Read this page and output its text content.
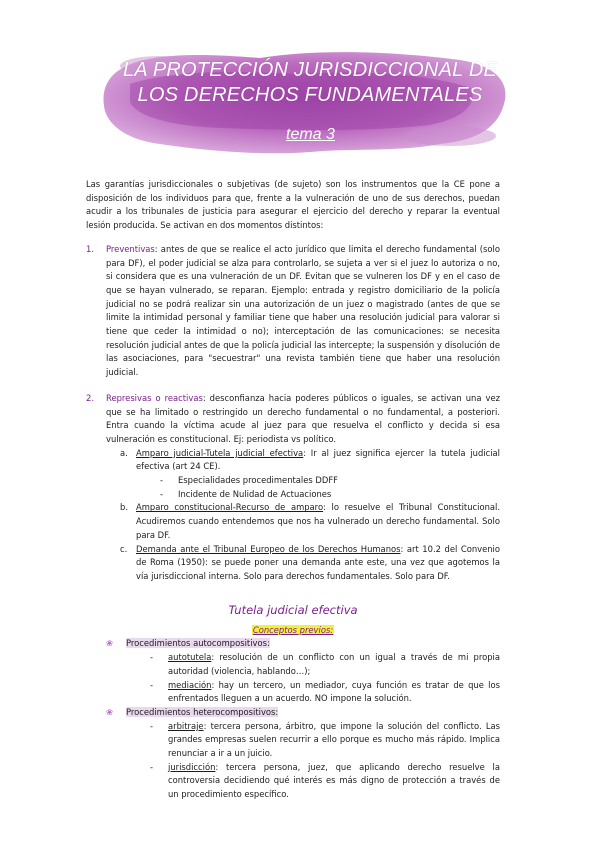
LA PROTECCIÓN JURISDICCIONAL DE
LOS DERECHOS FUNDAMENTALES
tema 3

Las garantías jurisdiccionales o subjetivas (de sujeto) son los instrumentos que la CE pone a disposición de los individuos para que, frente a la vulneración de uno de sus derechos, puedan acudir a los tribunales de justicia para asegurar el ejercicio del derecho y reparar la eventual lesión producida. Se activan en dos momentos distintos:

1. Preventivas: antes de que se realice el acto jurídico que limita el derecho fundamental (solo para DF), el poder judicial se alza para controlarlo, se sujeta a ver si el juez lo autoriza o no, si considera que es una vulneración de un DF. Evitan que se vulneren los DF y en el caso de que se hayan vulnerado, se reparan. Ejemplo: entrada y registro domiciliario de la policía judicial no se podrá realizar sin una autorización de un juez o magistrado (antes de que se limite la intimidad personal y familiar tiene que haber una resolución judicial para valorar si tiene que ceder la intimidad o no); interceptación de las comunicaciones: se necesita resolución judicial antes de que la policía judicial las intercepte; la suspensión y disolución de las asociaciones, para "secuestrar" una revista también tiene que haber una resolución judicial.

2. Represivas o reactivas: desconfianza hacia poderes públicos o iguales, se activan una vez que se ha limitado o restringido un derecho fundamental o no fundamental, a posteriori. Entra cuando la víctima acude al juez para que resuelva el conflicto y decida si esa vulneración es constitucional. Ej: periodista vs político.

a. Amparo judicial-Tutela judicial efectiva: Ir al juez significa ejercer la tutela judicial efectiva (art 24 CE).

- Especialidades procedimentales DDFF

- Incidente de Nulidad de Actuaciones

b. Amparo constitucional-Recurso de amparo: lo resuelve el Tribunal Constitucional. Acudiremos cuando entendemos que nos ha vulnerado un derecho fundamental. Solo para DF.

c. Demanda ante el Tribunal Europeo de los Derechos Humanos: art 10.2 del Convenio de Roma (1950): se puede poner una demanda ante este, una vez que agotemos la vía jurisdiccional interna. Solo para derechos fundamentales. Solo para DF.

Tutela judicial efectiva

Conceptos previos:

❀ Procedimientos autocompositivos:

- autotutela: resolución de un conflicto con un igual a través de mi propia autoridad (violencia, hablando…);

- mediación: hay un tercero, un mediador, cuya función es tratar de que los enfrentados lleguen a un acuerdo. NO impone la solución.

❀ Procedimientos heterocompositivos:

- arbitraje: tercera persona, árbitro, que impone la solución del conflicto. Las grandes empresas suelen recurrir a ello porque es mucho más rápido. Implica renunciar a ir a un juicio.

- jurisdicción: tercera persona, juez, que aplicando derecho resuelve la controversia decidiendo qué interés es más digno de protección a través de un procedimiento específico.
